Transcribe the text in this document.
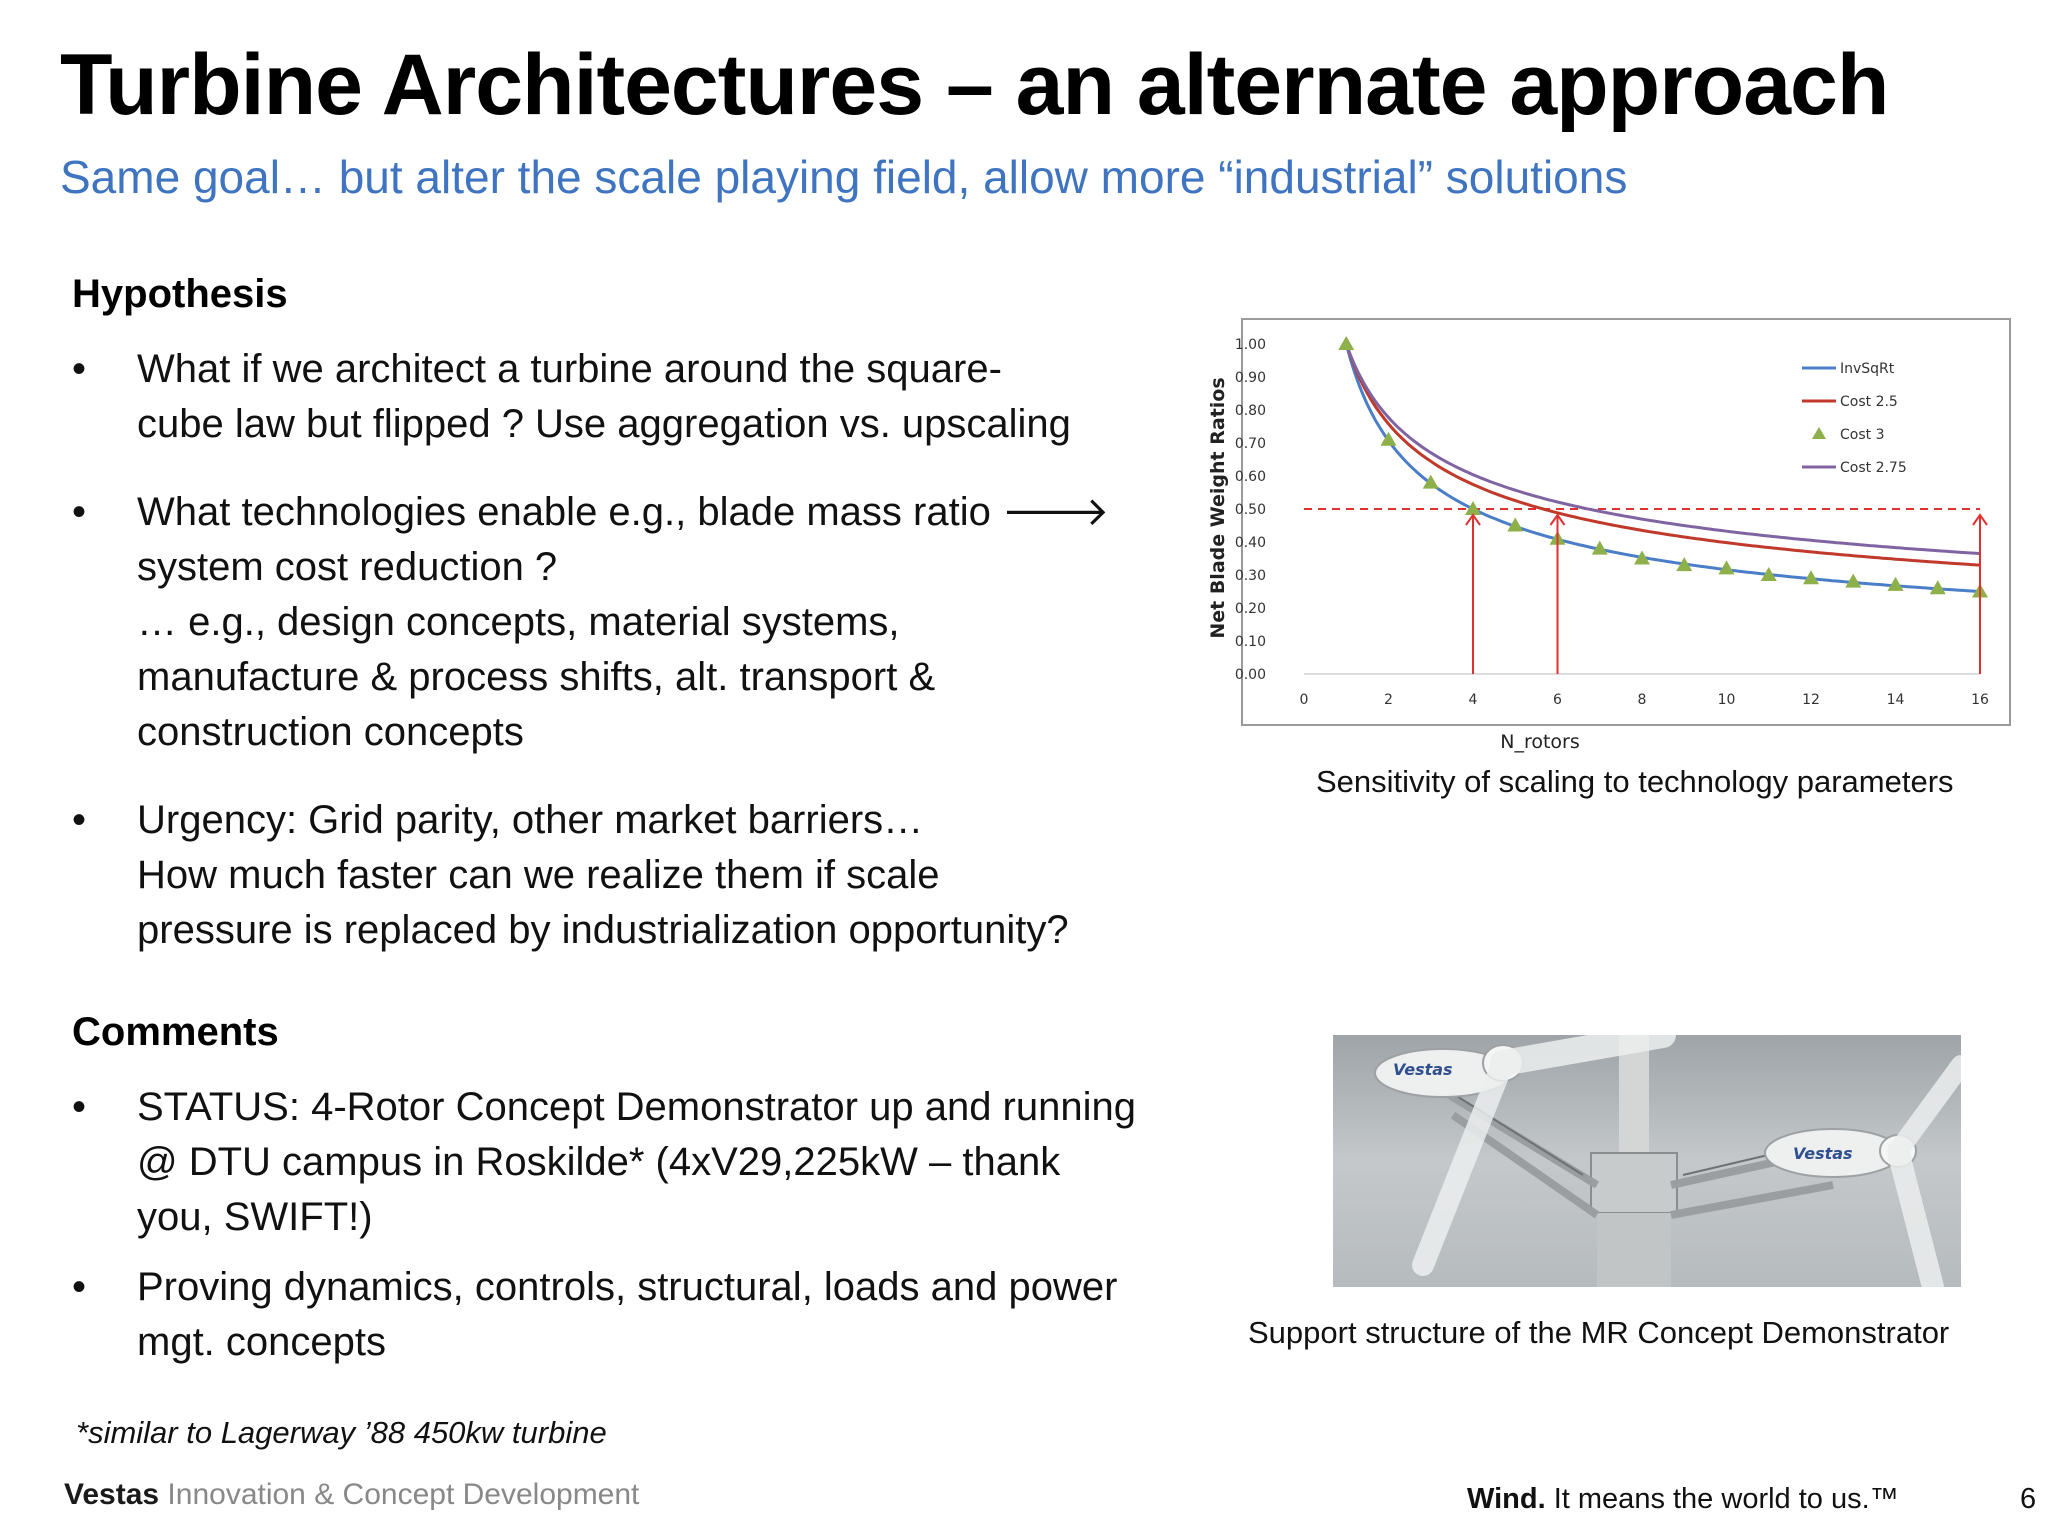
Turbine Architectures – an alternate approach

Same goal… but alter the scale playing field, allow more “industrial” solutions

Hypothesis

• What if we architect a turbine around the square-
cube law but flipped ? Use aggregation vs. upscaling
• What technologies enable e.g., blade mass ratio 🡒
system cost reduction ?
… e.g., design concepts, material systems,
manufacture & process shifts, alt. transport &
construction concepts
• Urgency: Grid parity, other market barriers…
How much faster can we realize them if scale
pressure is replaced by industrialization opportunity?

Comments

• STATUS: 4-Rotor Concept Demonstrator up and running
@ DTU campus in Roskilde* (4xV29,225kW – thank
you, SWIFT!)
• Proving dynamics, controls, structural, loads and power
mgt. concepts
*similar to Lagerway ’88 450kw turbine
0.00
0.10
0.20
0.30
0.40
0.50
0.60
0.70
0.80
0.90
1.00
0	2	4	6	8	10	12	14	16
N_rotors
Net Blade Weight Ratios
InvSqRt
Cost 2.5
Cost 3
Cost 2.75
Sensitivity of scaling to technology parameters
Vestas
Vestas
Support structure of the MR Concept Demonstrator
Vestas Innovation & Concept Development	Wind. It means the world to us.™	6
